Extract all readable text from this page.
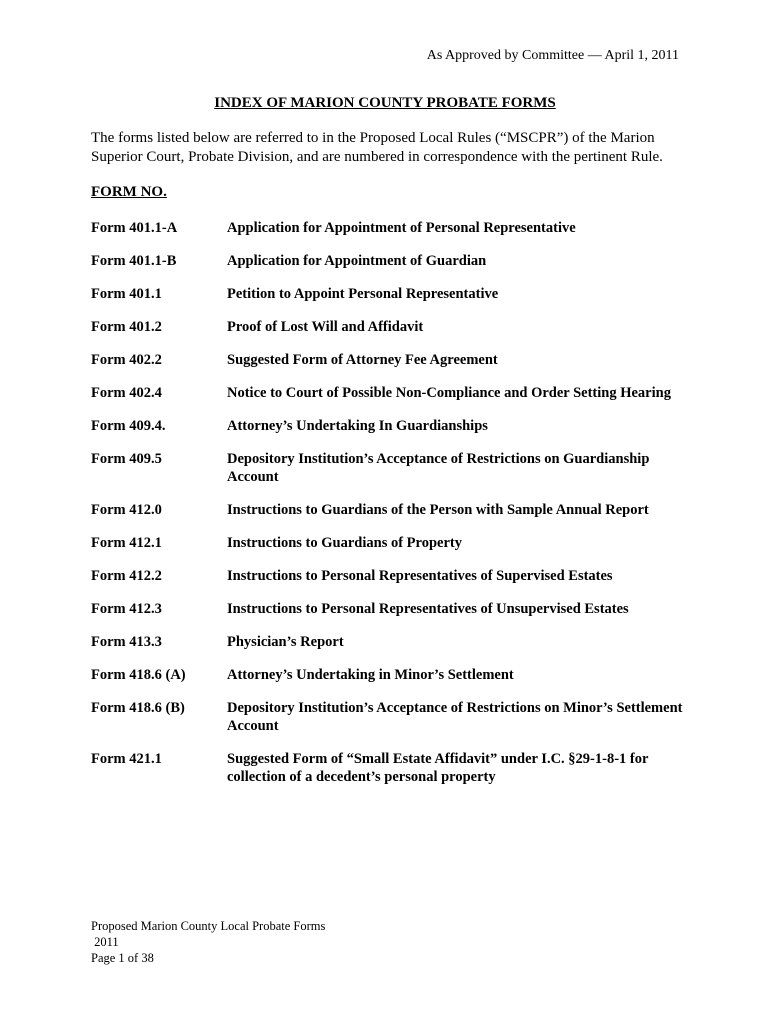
As Approved by Committee — April 1, 2011
INDEX OF MARION COUNTY PROBATE FORMS
The forms listed below are referred to in the Proposed Local Rules (“MSCPR”) of the Marion Superior Court, Probate Division, and are numbered in correspondence with the pertinent Rule.
FORM NO.
Form 401.1-A	Application for Appointment of Personal Representative
Form 401.1-B	Application for Appointment of Guardian
Form 401.1	Petition to Appoint Personal Representative
Form 401.2	Proof of Lost Will and Affidavit
Form 402.2	Suggested Form of Attorney Fee Agreement
Form 402.4	Notice to Court of Possible Non-Compliance and Order Setting Hearing
Form 409.4.	Attorney’s Undertaking In Guardianships
Form 409.5	Depository Institution’s Acceptance of Restrictions on Guardianship Account
Form 412.0	Instructions to Guardians of the Person with Sample Annual Report
Form 412.1	Instructions to Guardians of Property
Form 412.2	Instructions to Personal Representatives of Supervised Estates
Form 412.3	Instructions to Personal Representatives of Unsupervised Estates
Form 413.3	Physician’s Report
Form 418.6 (A)	Attorney’s Undertaking in Minor’s Settlement
Form 418.6 (B)	Depository Institution’s Acceptance of Restrictions on Minor’s Settlement Account
Form 421.1	Suggested Form of “Small Estate Affidavit” under I.C. §29-1-8-1 for collection of a decedent’s personal property
Proposed Marion County Local Probate Forms
2011
Page 1 of 38
